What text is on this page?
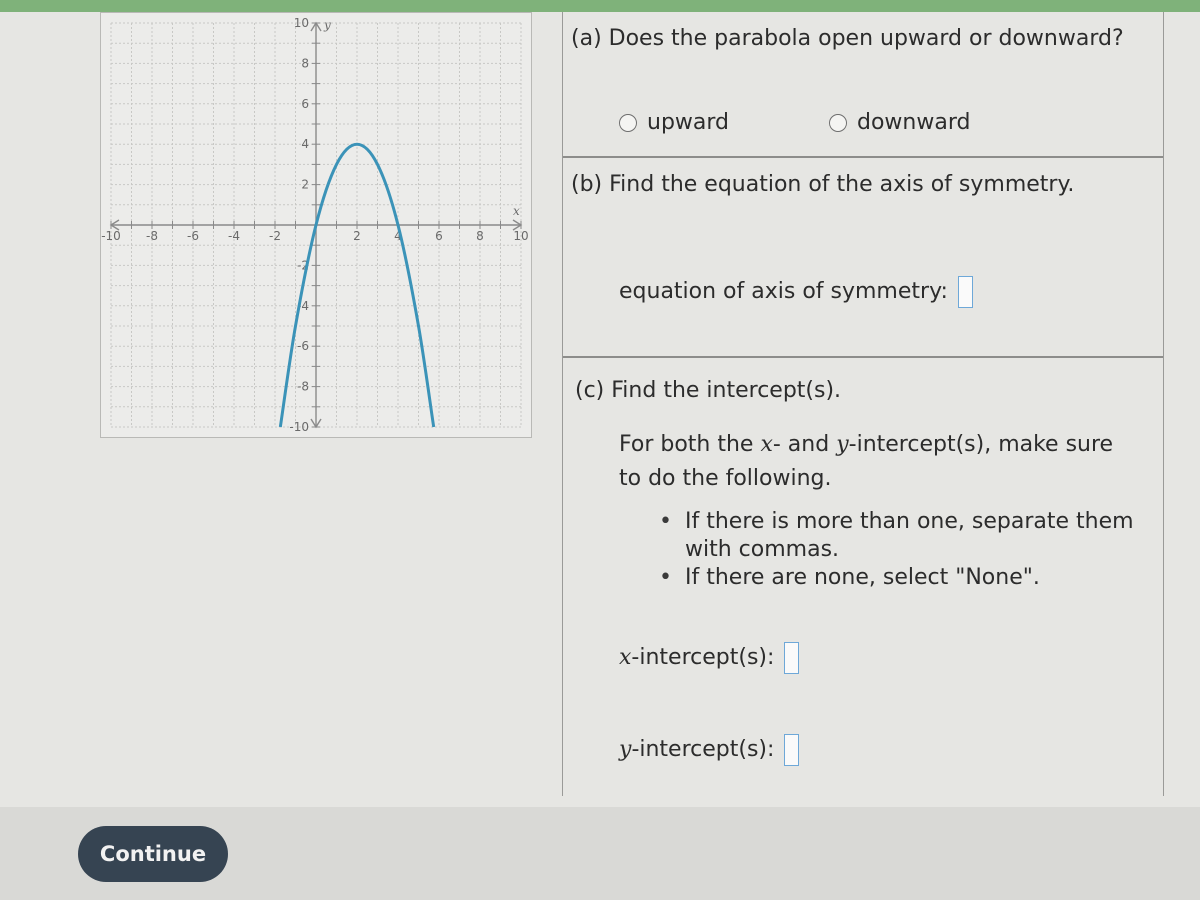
-10 -8 -6 -4 -2	2	4	6	8 10
10
8
6
4
2
-2
-4
-6
-8
-10
x
y
(a) Does the parabola open upward or downward?
upward	downward
(b) Find the equation of the axis of symmetry.
equation of axis of symmetry:
(c) Find the intercept(s).
For both the x- and y-intercept(s), make sure
to do the following.
• If there is more than one, separate them with commas.
• If there are none, select "None".
x-intercept(s):
y-intercept(s):
Continue
